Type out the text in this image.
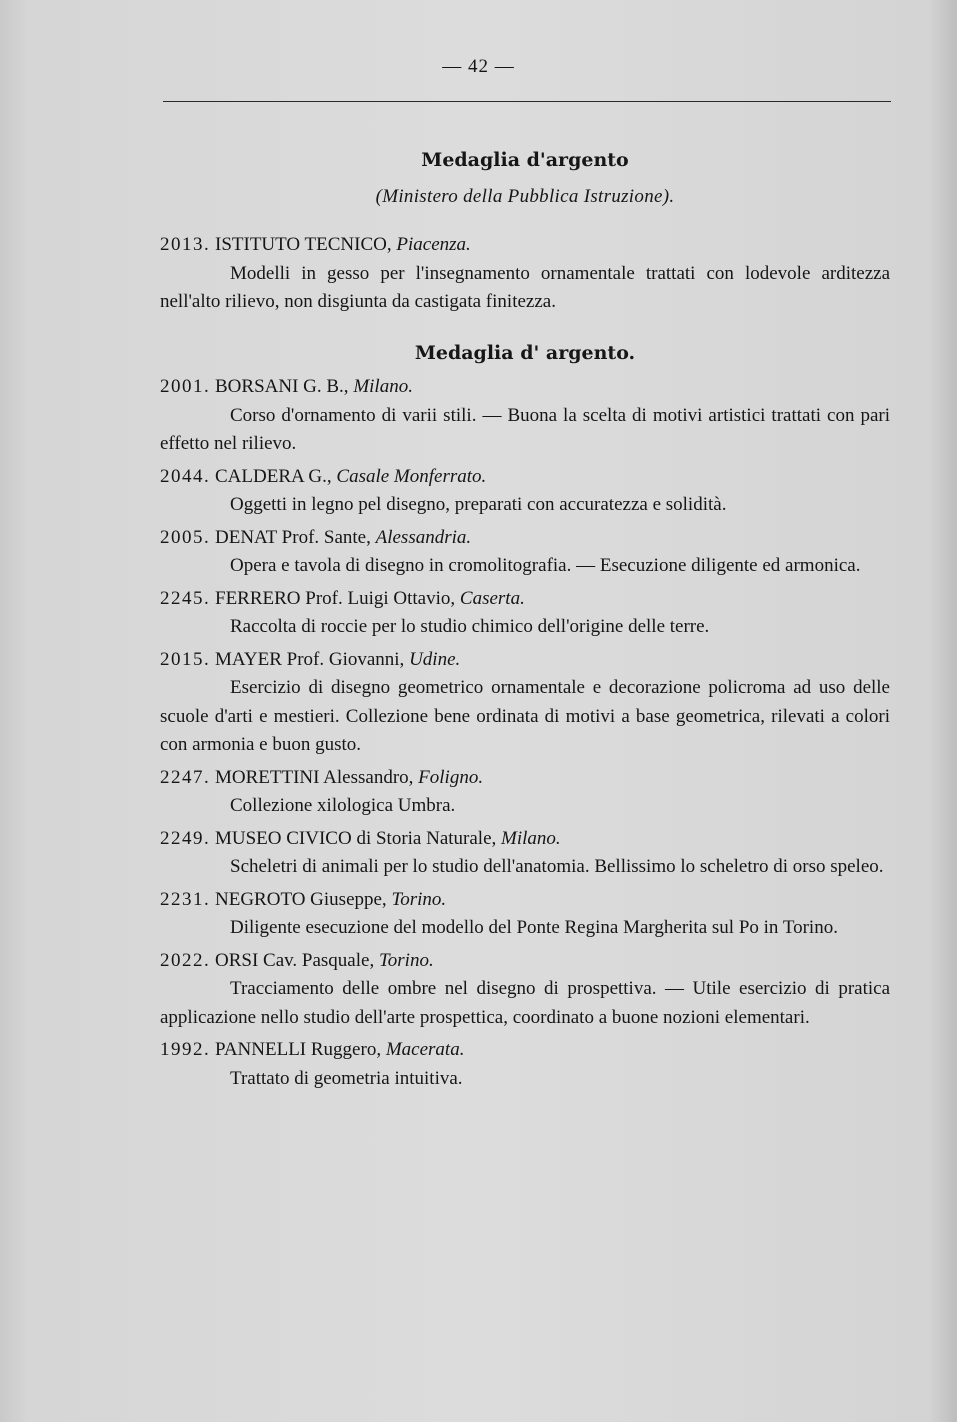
— 42 —

Medaglia d'argento

(Ministero della Pubblica Istruzione).

2013. ISTITUTO TECNICO, Piacenza.
Modelli in gesso per l'insegnamento ornamentale trattati con lodevole arditezza nell'alto rilievo, non disgiunta da castigata finitezza.

Medaglia d' argento.

2001. BORSANI G. B., Milano.
Corso d'ornamento di varii stili. — Buona la scelta di motivi artistici trattati con pari effetto nel rilievo.
2044. CALDERA G., Casale Monferrato.
Oggetti in legno pel disegno, preparati con accuratezza e solidità.
2005. DENAT Prof. Sante, Alessandria.
Opera e tavola di disegno in cromolitografia. — Esecuzione diligente ed armonica.
2245. FERRERO Prof. Luigi Ottavio, Caserta.
Raccolta di roccie per lo studio chimico dell'origine delle terre.
2015. MAYER Prof. Giovanni, Udine.
Esercizio di disegno geometrico ornamentale e decorazione policroma ad uso delle scuole d'arti e mestieri. Collezione bene ordinata di motivi a base geometrica, rilevati a colori con armonia e buon gusto.
2247. MORETTINI Alessandro, Foligno.
Collezione xilologica Umbra.
2249. MUSEO CIVICO di Storia Naturale, Milano.
Scheletri di animali per lo studio dell'anatomia. Bellissimo lo scheletro di orso speleo.
2231. NEGROTO Giuseppe, Torino.
Diligente esecuzione del modello del Ponte Regina Margherita sul Po in Torino.
2022. ORSI Cav. Pasquale, Torino.
Tracciamento delle ombre nel disegno di prospettiva. — Utile esercizio di pratica applicazione nello studio dell'arte prospettica, coordinato a buone nozioni elementari.
1992. PANNELLI Ruggero, Macerata.
Trattato di geometria intuitiva.
